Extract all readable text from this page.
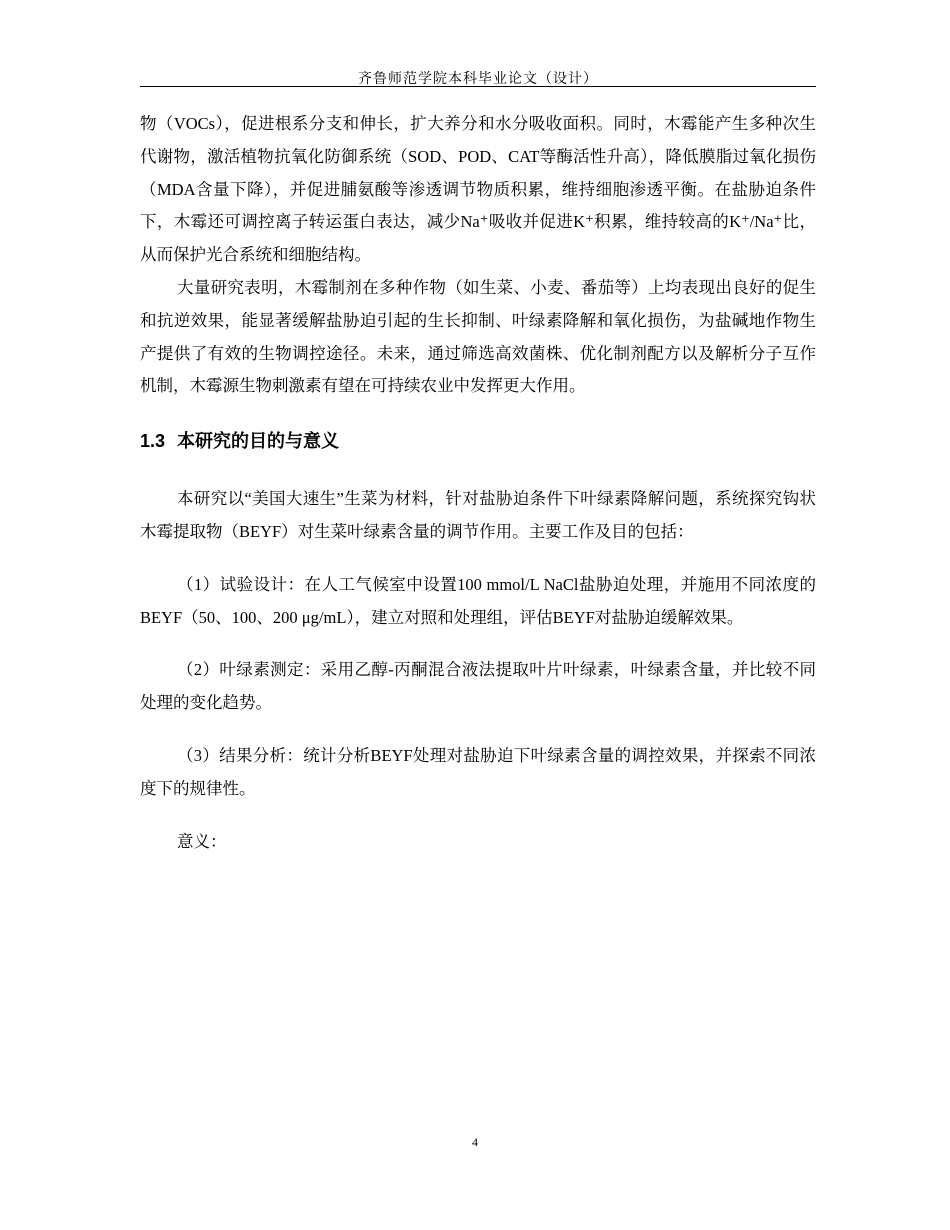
齐鲁师范学院本科毕业论文（设计）

物（VOCs），促进根系分支和伸长，扩大养分和水分吸收面积。同时，木霉能产生多种次生代谢物，激活植物抗氧化防御系统（SOD、POD、CAT等酶活性升高），降低膜脂过氧化损伤（MDA含量下降），并促进脯氨酸等渗透调节物质积累，维持细胞渗透平衡。在盐胁迫条件下，木霉还可调控离子转运蛋白表达，减少Na⁺吸收并促进K⁺积累，维持较高的K⁺/Na⁺比，从而保护光合系统和细胞结构。

大量研究表明，木霉制剂在多种作物（如生菜、小麦、番茄等）上均表现出良好的促生和抗逆效果，能显著缓解盐胁迫引起的生长抑制、叶绿素降解和氧化损伤，为盐碱地作物生产提供了有效的生物调控途径。未来，通过筛选高效菌株、优化制剂配方以及解析分子互作机制，木霉源生物刺激素有望在可持续农业中发挥更大作用。

1.3 本研究的目的与意义

本研究以“美国大速生”生菜为材料，针对盐胁迫条件下叶绿素降解问题，系统探究钩状木霉提取物（BEYF）对生菜叶绿素含量的调节作用。主要工作及目的包括：

（1）试验设计：在人工气候室中设置100 mmol/L NaCl盐胁迫处理，并施用不同浓度的BEYF（50、100、200 μg/mL），建立对照和处理组，评估BEYF对盐胁迫缓解效果。

（2）叶绿素测定：采用乙醇-丙酮混合液法提取叶片叶绿素，叶绿素含量，并比较不同处理的变化趋势。

（3）结果分析：统计分析BEYF处理对盐胁迫下叶绿素含量的调控效果，并探索不同浓度下的规律性。

意义：

4
